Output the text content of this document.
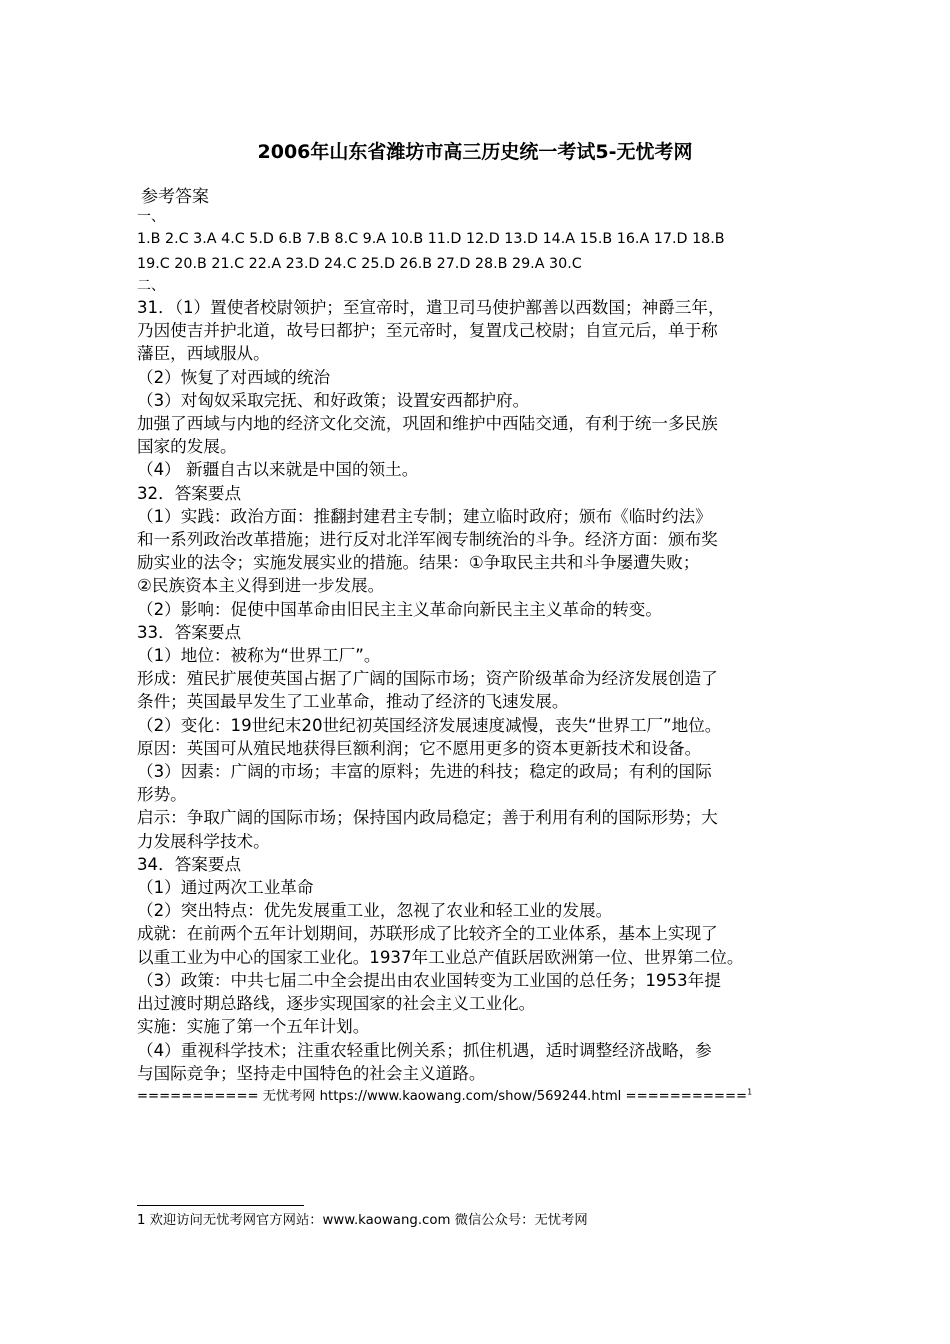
2006年山东省潍坊市高三历史统一考试5-无忧考网
参考答案
一、
1.B 2.C 3.A 4.C 5.D 6.B 7.B 8.C 9.A 10.B 11.D 12.D 13.D 14.A 15.B 16.A 17.D 18.B
19.C 20.B 21.C 22.A 23.D 24.C 25.D 26.B 27.D 28.B 29.A 30.C
二、
31．（1）置使者校尉领护；至宣帝时，遣卫司马使护鄯善以西数国；神爵三年，
乃因使吉并护北道，故号曰都护；至元帝时，复置戊己校尉；自宣元后，单于称
藩臣，西域服从。
（2）恢复了对西域的统治
（3）对匈奴采取完抚、和好政策；设置安西都护府。
加强了西域与内地的经济文化交流，巩固和维护中西陆交通，有利于统一多民族
国家的发展。
（4） 新疆自古以来就是中国的领土。
32．答案要点
（1）实践：政治方面：推翻封建君主专制；建立临时政府；颁布《临时约法》
和一系列政治改革措施；进行反对北洋军阀专制统治的斗争。经济方面：颁布奖
励实业的法令；实施发展实业的措施。结果：①争取民主共和斗争屡遭失败；
②民族资本主义得到进一步发展。
（2）影响：促使中国革命由旧民主主义革命向新民主主义革命的转变。
33．答案要点
（1）地位：被称为“世界工厂”。
形成：殖民扩展使英国占据了广阔的国际市场；资产阶级革命为经济发展创造了
条件；英国最早发生了工业革命，推动了经济的飞速发展。
（2）变化：19世纪末20世纪初英国经济发展速度减慢，丧失“世界工厂”地位。
原因：英国可从殖民地获得巨额利润；它不愿用更多的资本更新技术和设备。
（3）因素：广阔的市场；丰富的原料；先进的科技；稳定的政局；有利的国际
形势。
启示：争取广阔的国际市场；保持国内政局稳定；善于利用有利的国际形势；大
力发展科学技术。
34．答案要点
（1）通过两次工业革命
（2）突出特点：优先发展重工业，忽视了农业和轻工业的发展。
成就：在前两个五年计划期间，苏联形成了比较齐全的工业体系，基本上实现了
以重工业为中心的国家工业化。1937年工业总产值跃居欧洲第一位、世界第二位。
（3）政策：中共七届二中全会提出由农业国转变为工业国的总任务；1953年提
出过渡时期总路线，逐步实现国家的社会主义工业化。
实施：实施了第一个五年计划。
（4）重视科学技术；注重农轻重比例关系；抓住机遇，适时调整经济战略，参
与国际竞争；坚持走中国特色的社会主义道路。
=========== 无忧考网 https://www.kaowang.com/show/569244.html ===========$^1$
1 欢迎访问无忧考网官方网站：www.kaowang.com 微信公众号：无忧考网
